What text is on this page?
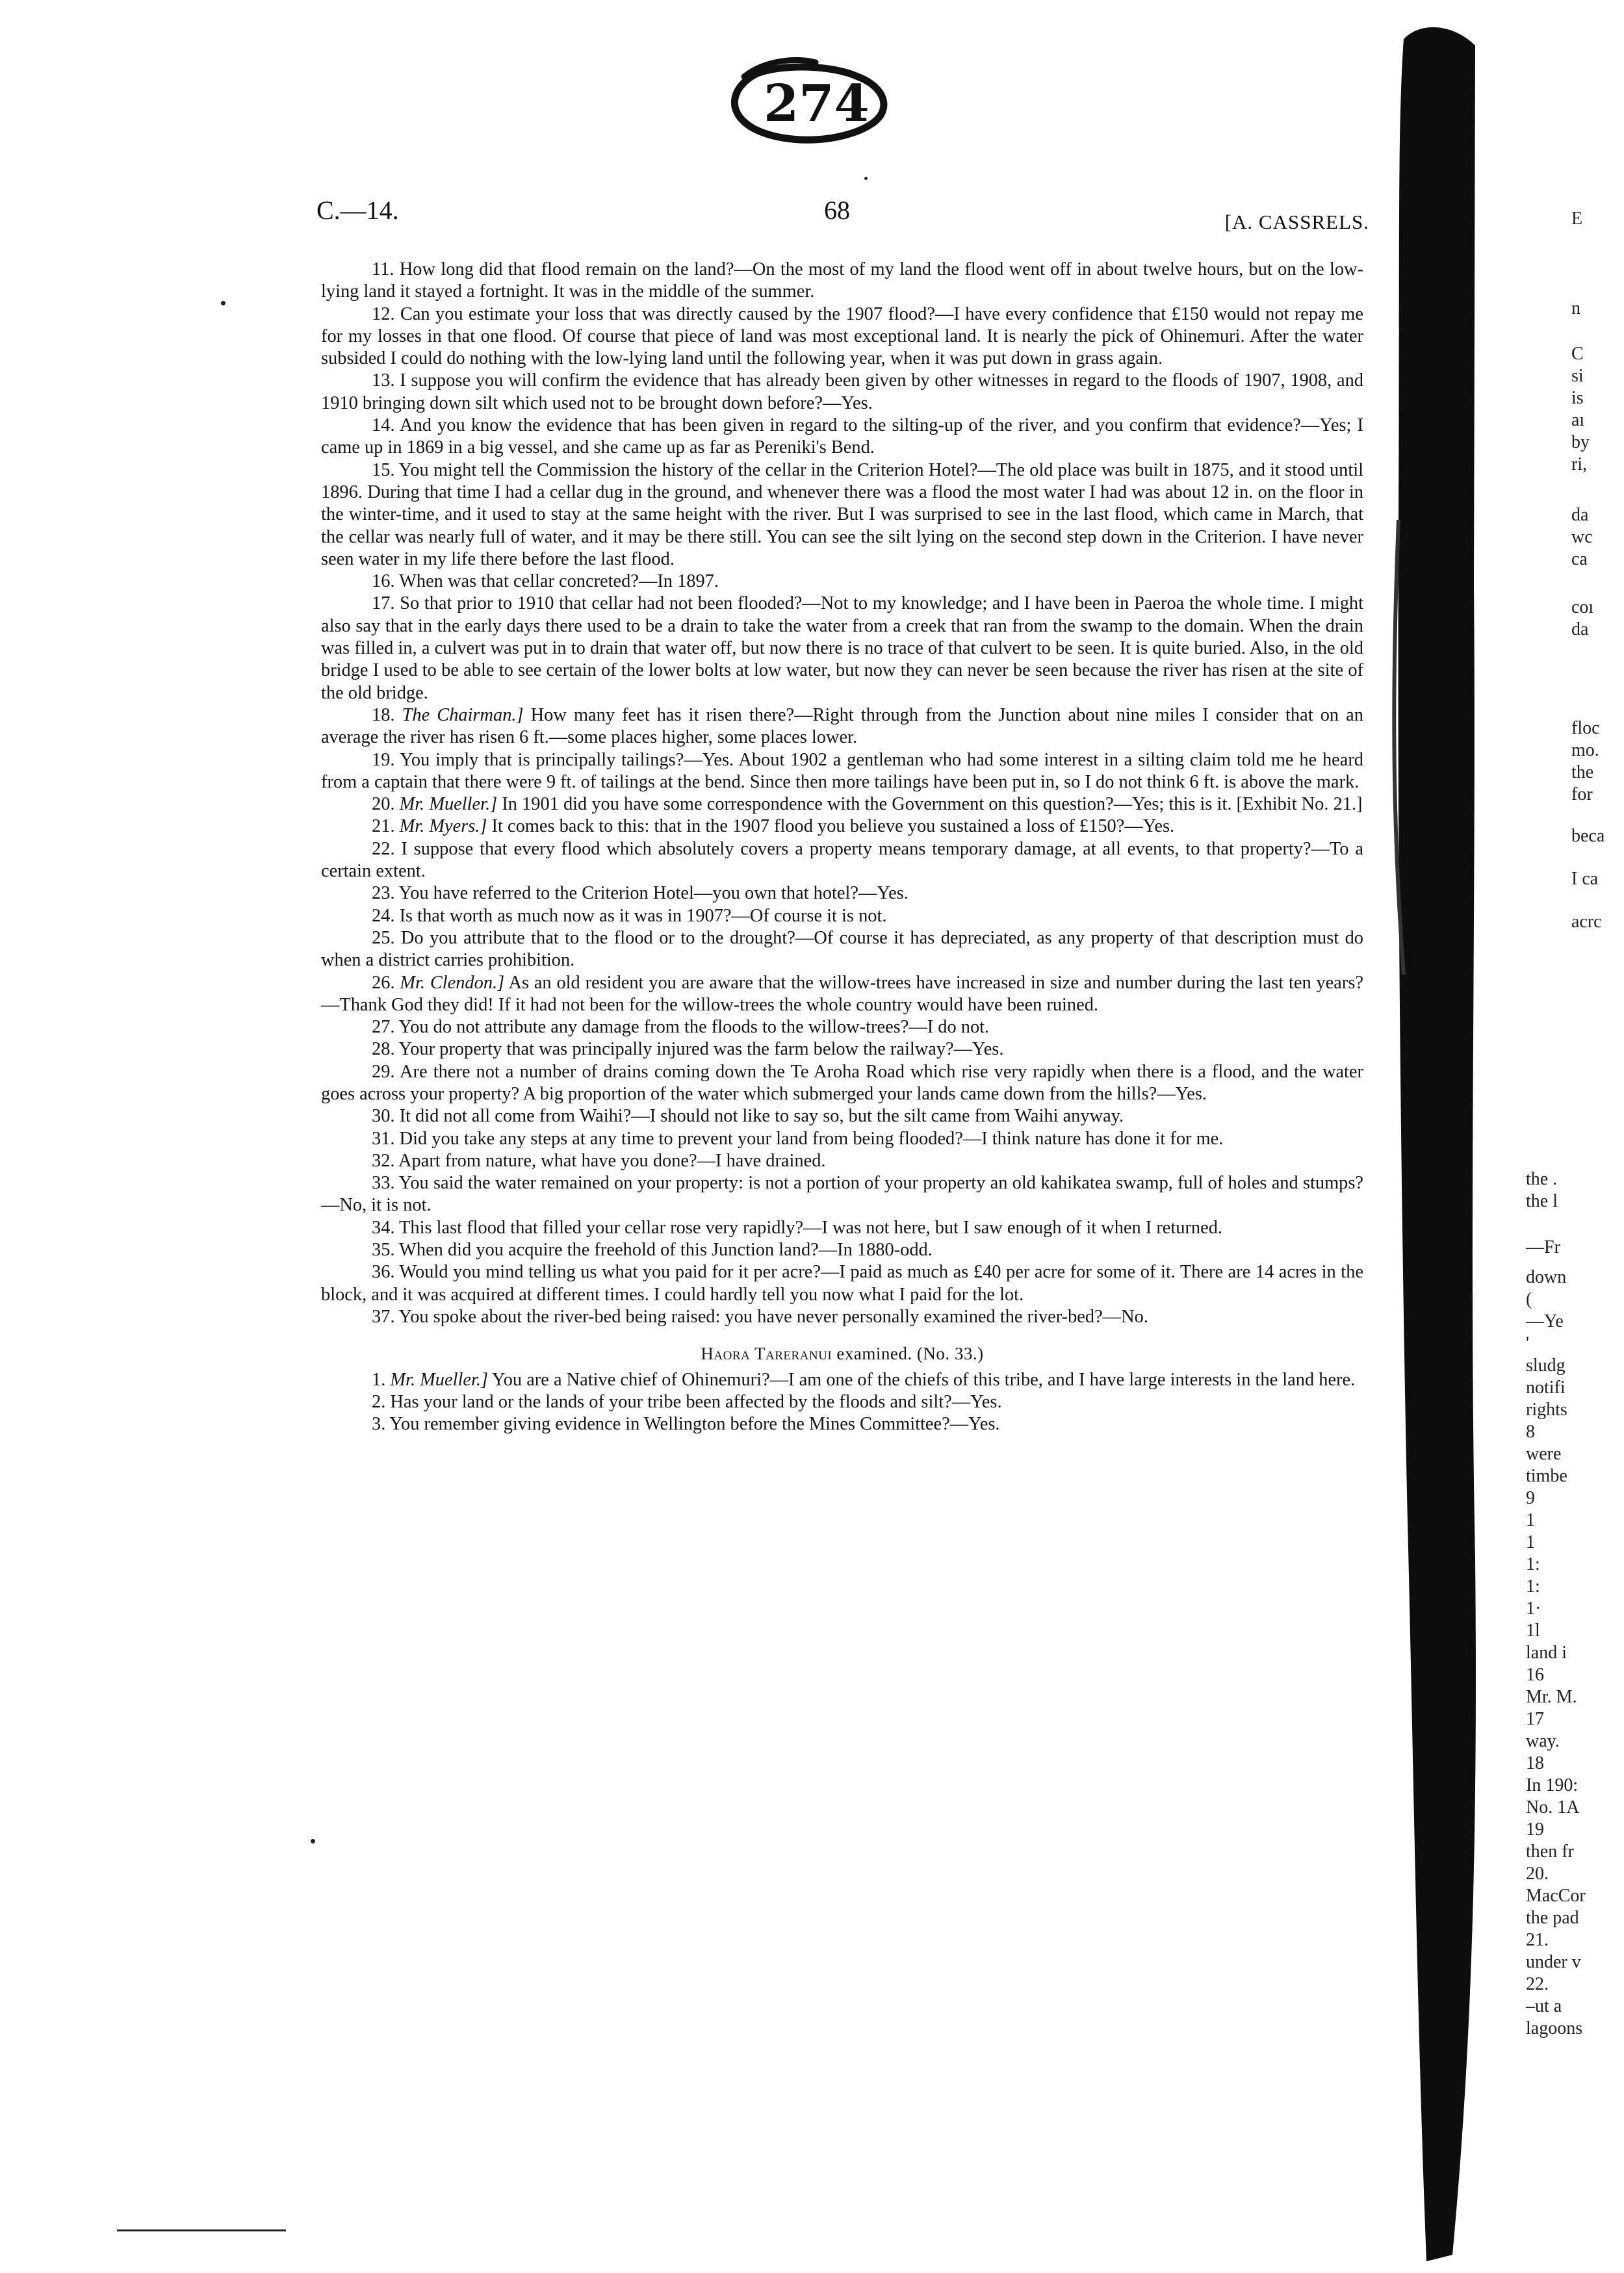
274
C.—14.	68	[A. CASSRELS.

11. How long did that flood remain on the land?—On the most of my land the flood went off in about twelve hours, but on the low-lying land it stayed a fortnight. It was in the middle of the summer.

12. Can you estimate your loss that was directly caused by the 1907 flood?—I have every confidence that £150 would not repay me for my losses in that one flood. Of course that piece of land was most exceptional land. It is nearly the pick of Ohinemuri. After the water subsided I could do nothing with the low-lying land until the following year, when it was put down in grass again.

13. I suppose you will confirm the evidence that has already been given by other witnesses in regard to the floods of 1907, 1908, and 1910 bringing down silt which used not to be brought down before?—Yes.

14. And you know the evidence that has been given in regard to the silting-up of the river, and you confirm that evidence?—Yes; I came up in 1869 in a big vessel, and she came up as far as Pereniki's Bend.

15. You might tell the Commission the history of the cellar in the Criterion Hotel?—The old place was built in 1875, and it stood until 1896. During that time I had a cellar dug in the ground, and whenever there was a flood the most water I had was about 12 in. on the floor in the winter-time, and it used to stay at the same height with the river. But I was surprised to see in the last flood, which came in March, that the cellar was nearly full of water, and it may be there still. You can see the silt lying on the second step down in the Criterion. I have never seen water in my life there before the last flood.

16. When was that cellar concreted?—In 1897.

17. So that prior to 1910 that cellar had not been flooded?—Not to my knowledge; and I have been in Paeroa the whole time. I might also say that in the early days there used to be a drain to take the water from a creek that ran from the swamp to the domain. When the drain was filled in, a culvert was put in to drain that water off, but now there is no trace of that culvert to be seen. It is quite buried. Also, in the old bridge I used to be able to see certain of the lower bolts at low water, but now they can never be seen because the river has risen at the site of the old bridge.

18. The Chairman.] How many feet has it risen there?—Right through from the Junction about nine miles I consider that on an average the river has risen 6 ft.—some places higher, some places lower.

19. You imply that is principally tailings?—Yes. About 1902 a gentleman who had some interest in a silting claim told me he heard from a captain that there were 9 ft. of tailings at the bend. Since then more tailings have been put in, so I do not think 6 ft. is above the mark.

20. Mr. Mueller.] In 1901 did you have some correspondence with the Government on this question?—Yes; this is it. [Exhibit No. 21.]

21. Mr. Myers.] It comes back to this: that in the 1907 flood you believe you sustained a loss of £150?—Yes.

22. I suppose that every flood which absolutely covers a property means temporary damage, at all events, to that property?—To a certain extent.

23. You have referred to the Criterion Hotel—you own that hotel?—Yes.

24. Is that worth as much now as it was in 1907?—Of course it is not.

25. Do you attribute that to the flood or to the drought?—Of course it has depreciated, as any property of that description must do when a district carries prohibition.

26. Mr. Clendon.] As an old resident you are aware that the willow-trees have increased in size and number during the last ten years?—Thank God they did! If it had not been for the willow-trees the whole country would have been ruined.

27. You do not attribute any damage from the floods to the willow-trees?—I do not.

28. Your property that was principally injured was the farm below the railway?—Yes.

29. Are there not a number of drains coming down the Te Aroha Road which rise very rapidly when there is a flood, and the water goes across your property? A big proportion of the water which submerged your lands came down from the hills?—Yes.

30. It did not all come from Waihi?—I should not like to say so, but the silt came from Waihi anyway.

31. Did you take any steps at any time to prevent your land from being flooded?—I think nature has done it for me.

32. Apart from nature, what have you done?—I have drained.

33. You said the water remained on your property: is not a portion of your property an old kahikatea swamp, full of holes and stumps?—No, it is not.

34. This last flood that filled your cellar rose very rapidly?—I was not here, but I saw enough of it when I returned.

35. When did you acquire the freehold of this Junction land?—In 1880-odd.

36. Would you mind telling us what you paid for it per acre?—I paid as much as £40 per acre for some of it. There are 14 acres in the block, and it was acquired at different times. I could hardly tell you now what I paid for the lot.

37. You spoke about the river-bed being raised: you have never personally examined the river-bed?—No.

Haora Tareranui examined. (No. 33.)

1. Mr. Mueller.] You are a Native chief of Ohinemuri?—I am one of the chiefs of this tribe, and I have large interests in the land here.

2. Has your land or the lands of your tribe been affected by the floods and silt?—Yes.

3. You remember giving evidence in Wellington before the Mines Committee?—Yes.

E
n
C
si
is
aı
by
ri,
da
wc
ca
coı
da
floc
mo.
the
for
beca
I ca
acrc
the .
the l
—Fr
down
(
—Ye
'
sludg
notifi
rights
8
were
timbe
9
1
1
1:
1:
1·
1l
land i
16
Mr. M.
17
way.
18
In 190:
No. 1A
19
then fr
20.
MacCor
the pad
21.
under v
22.
–ut a
lagoons
